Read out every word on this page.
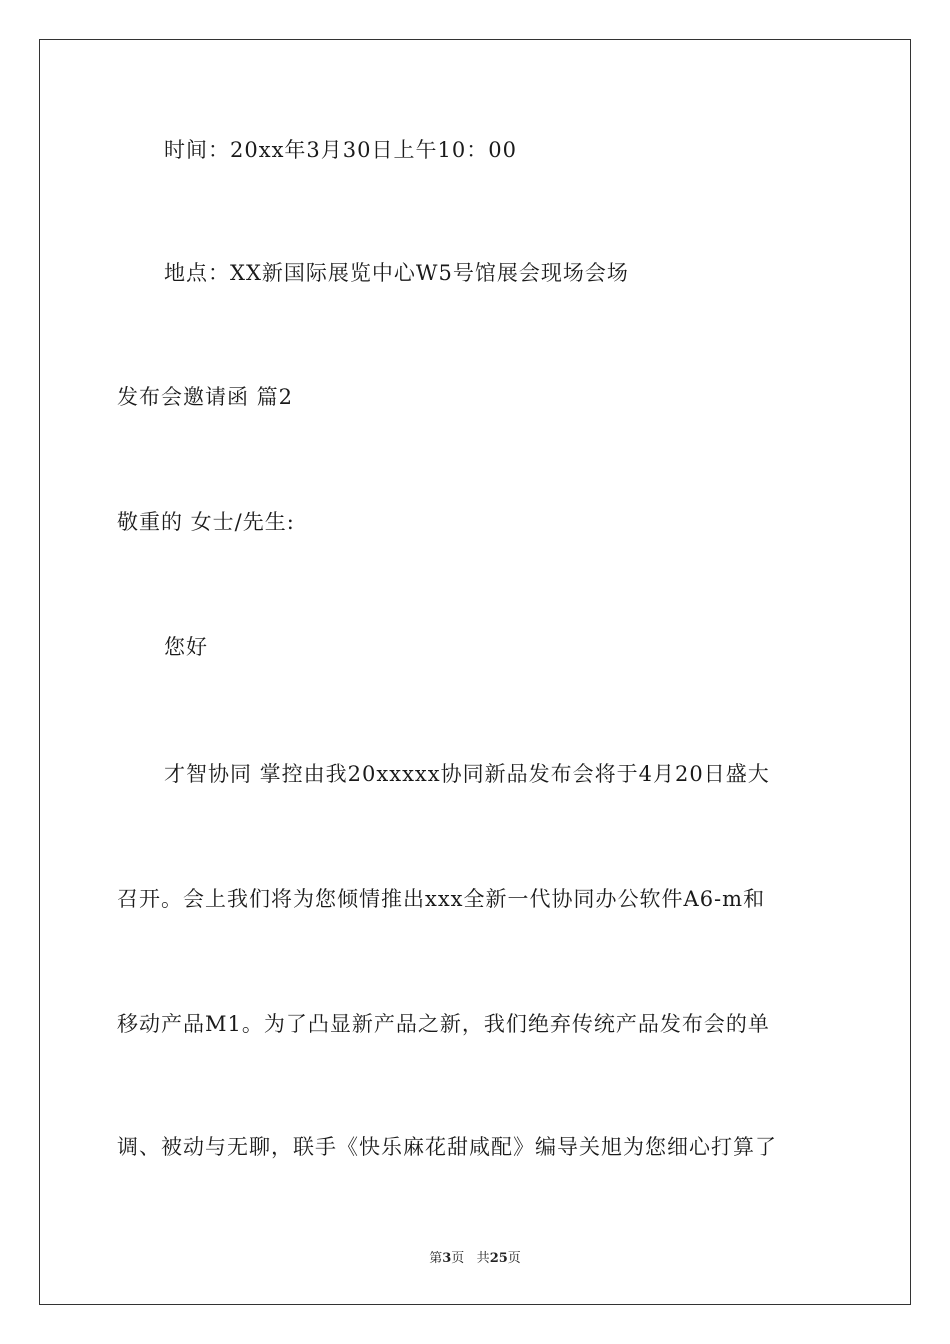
时间：20xx年3月30日上午10：00
地点：XX新国际展览中心W5号馆展会现场会场
发布会邀请函 篇2
敬重的 女士/先生:
您好
才智协同 掌控由我20xxxxx协同新品发布会将于4月20日盛大
召开。会上我们将为您倾情推出xxx全新一代协同办公软件A6-m和
移动产品M1。为了凸显新产品之新，我们绝弃传统产品发布会的单
调、被动与无聊，联手《快乐麻花甜咸配》编导关旭为您细心打算了
第3页 共25页
